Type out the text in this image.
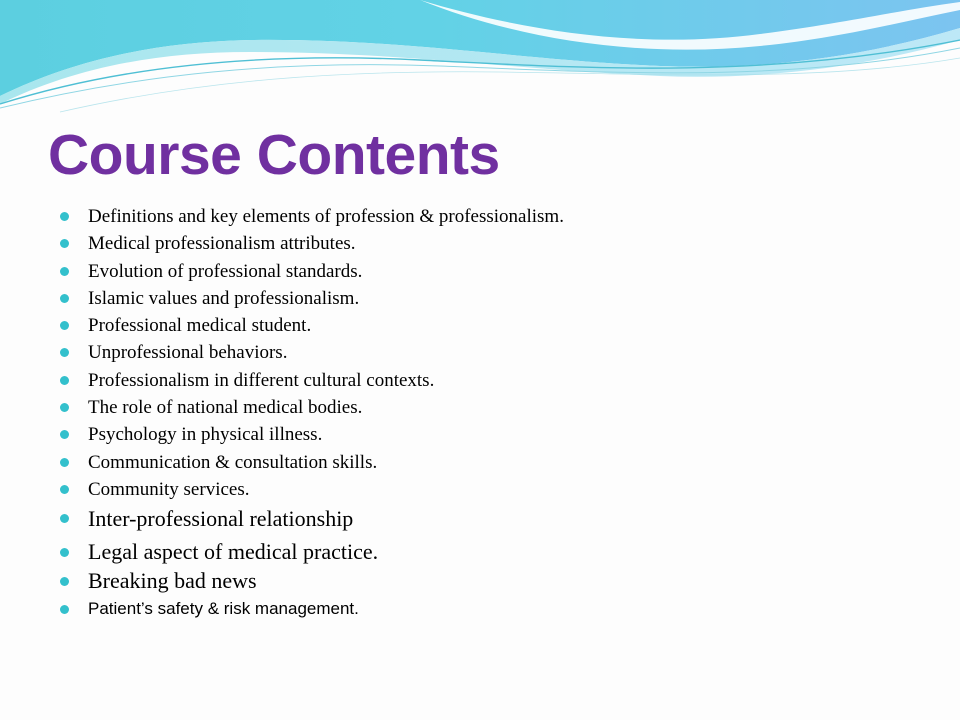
Course Contents
Definitions and key elements of profession & professionalism.
Medical professionalism attributes.
Evolution of professional standards.
Islamic values and professionalism.
Professional medical student.
Unprofessional behaviors.
Professionalism in different cultural contexts.
The role of national medical bodies.
Psychology in physical illness.
Communication & consultation skills.
Community services.
Inter-professional relationship
Legal aspect of medical practice.
Breaking bad news
Patient’s safety & risk management.
